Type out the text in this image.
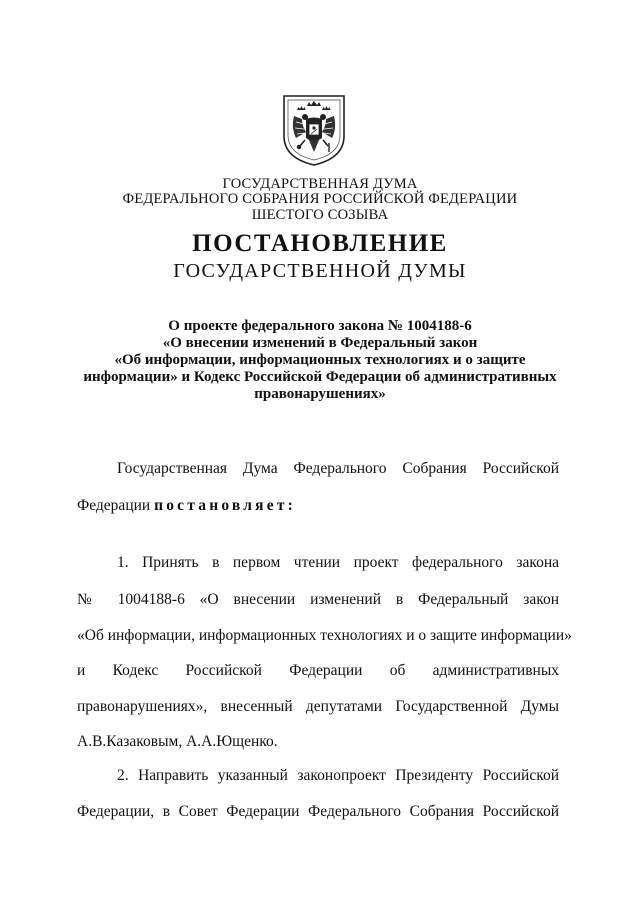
ГОСУДАРСТВЕННАЯ ДУМА
ФЕДЕРАЛЬНОГО СОБРАНИЯ РОССИЙСКОЙ ФЕДЕРАЦИИ
ШЕСТОГО СОЗЫВА
ПОСТАНОВЛЕНИЕ
ГОСУДАРСТВЕННОЙ ДУМЫ
О проекте федерального закона № 1004188-6
«О внесении изменений в Федеральный закон
«Об информации, информационных технологиях и о защите
информации» и Кодекс Российской Федерации об административных
правонарушениях»
Государственная Дума Федерального Собрания Российской
Федерации постановляет:
1. Принять в первом чтении проект федерального закона
№ 1004188-6 «О внесении изменений в Федеральный закон
«Об информации, информационных технологиях и о защите информации»
и Кодекс Российской Федерации об административных
правонарушениях», внесенный депутатами Государственной Думы
А.В.Казаковым, А.А.Ющенко.
2. Направить указанный законопроект Президенту Российской
Федерации, в Совет Федерации Федерального Собрания Российской
